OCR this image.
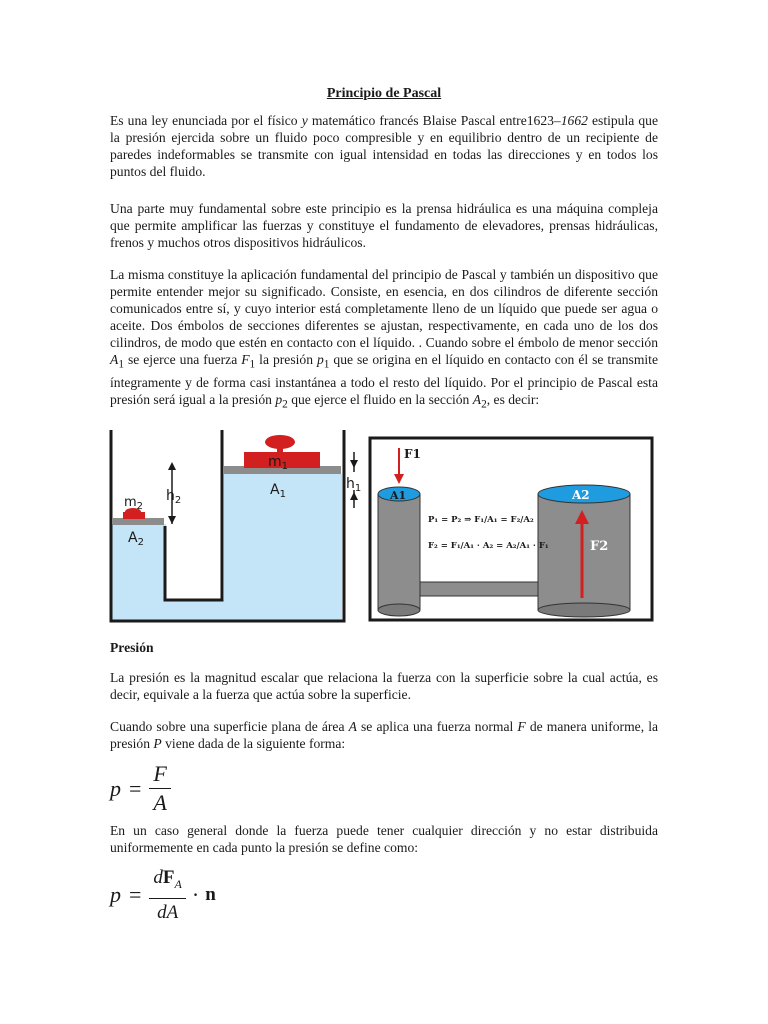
Principio de Pascal

Es una ley enunciada por el físico y matemático francés Blaise Pascal entre1623–1662 estipula que la presión ejercida sobre un fluido poco compresible y en equilibrio dentro de un recipiente de paredes indeformables se transmite con igual intensidad en todas las direcciones y en todos los puntos del fluido.

Una parte muy fundamental sobre este principio es la prensa hidráulica es una máquina compleja que permite amplificar las fuerzas y constituye el fundamento de elevadores, prensas hidráulicas, frenos y muchos otros dispositivos hidráulicos.

La misma constituye la aplicación fundamental del principio de Pascal y también un dispositivo que permite entender mejor su significado. Consiste, en esencia, en dos cilindros de diferente sección comunicados entre sí, y cuyo interior está completamente lleno de un líquido que puede ser agua o aceite. Dos émbolos de secciones diferentes se ajustan, respectivamente, en cada uno de los dos cilindros, de modo que estén en contacto con el líquido. . Cuando sobre el émbolo de menor sección $A_1$ se ejerce una fuerza $F_1$ la presión $p_1$ que se origina en el líquido en contacto con él se transmite íntegramente y de forma casi instantánea a todo el resto del líquido. Por el principio de Pascal esta presión será igual a la presión $p_2$ que ejerce el fluido en la sección $A_2$, es decir:

$m_1$
$m_2$
$A_1$
$A_2$
$h_2$
$h_1$
A1	A2
F1
F2
P₁ = P₂ ⇒ F₁/A₁ = F₂/A₂
F₂ = F₁/A₁ · A₂ = A₂/A₁ · F₁
Presión

La presión es la magnitud escalar que relaciona la fuerza con la superficie sobre la cual actúa, es decir, equivale a la fuerza que actúa sobre la superficie.

Cuando sobre una superficie plana de área A se aplica una fuerza normal F de manera uniforme, la presión P viene dada de la siguiente forma:

$p = \frac{F}{A}$

En un caso general donde la fuerza puede tener cualquier dirección y no estar distribuida uniformemente en cada punto la presión se define como:

$p = \frac{dF_A}{dA} \cdot n$
